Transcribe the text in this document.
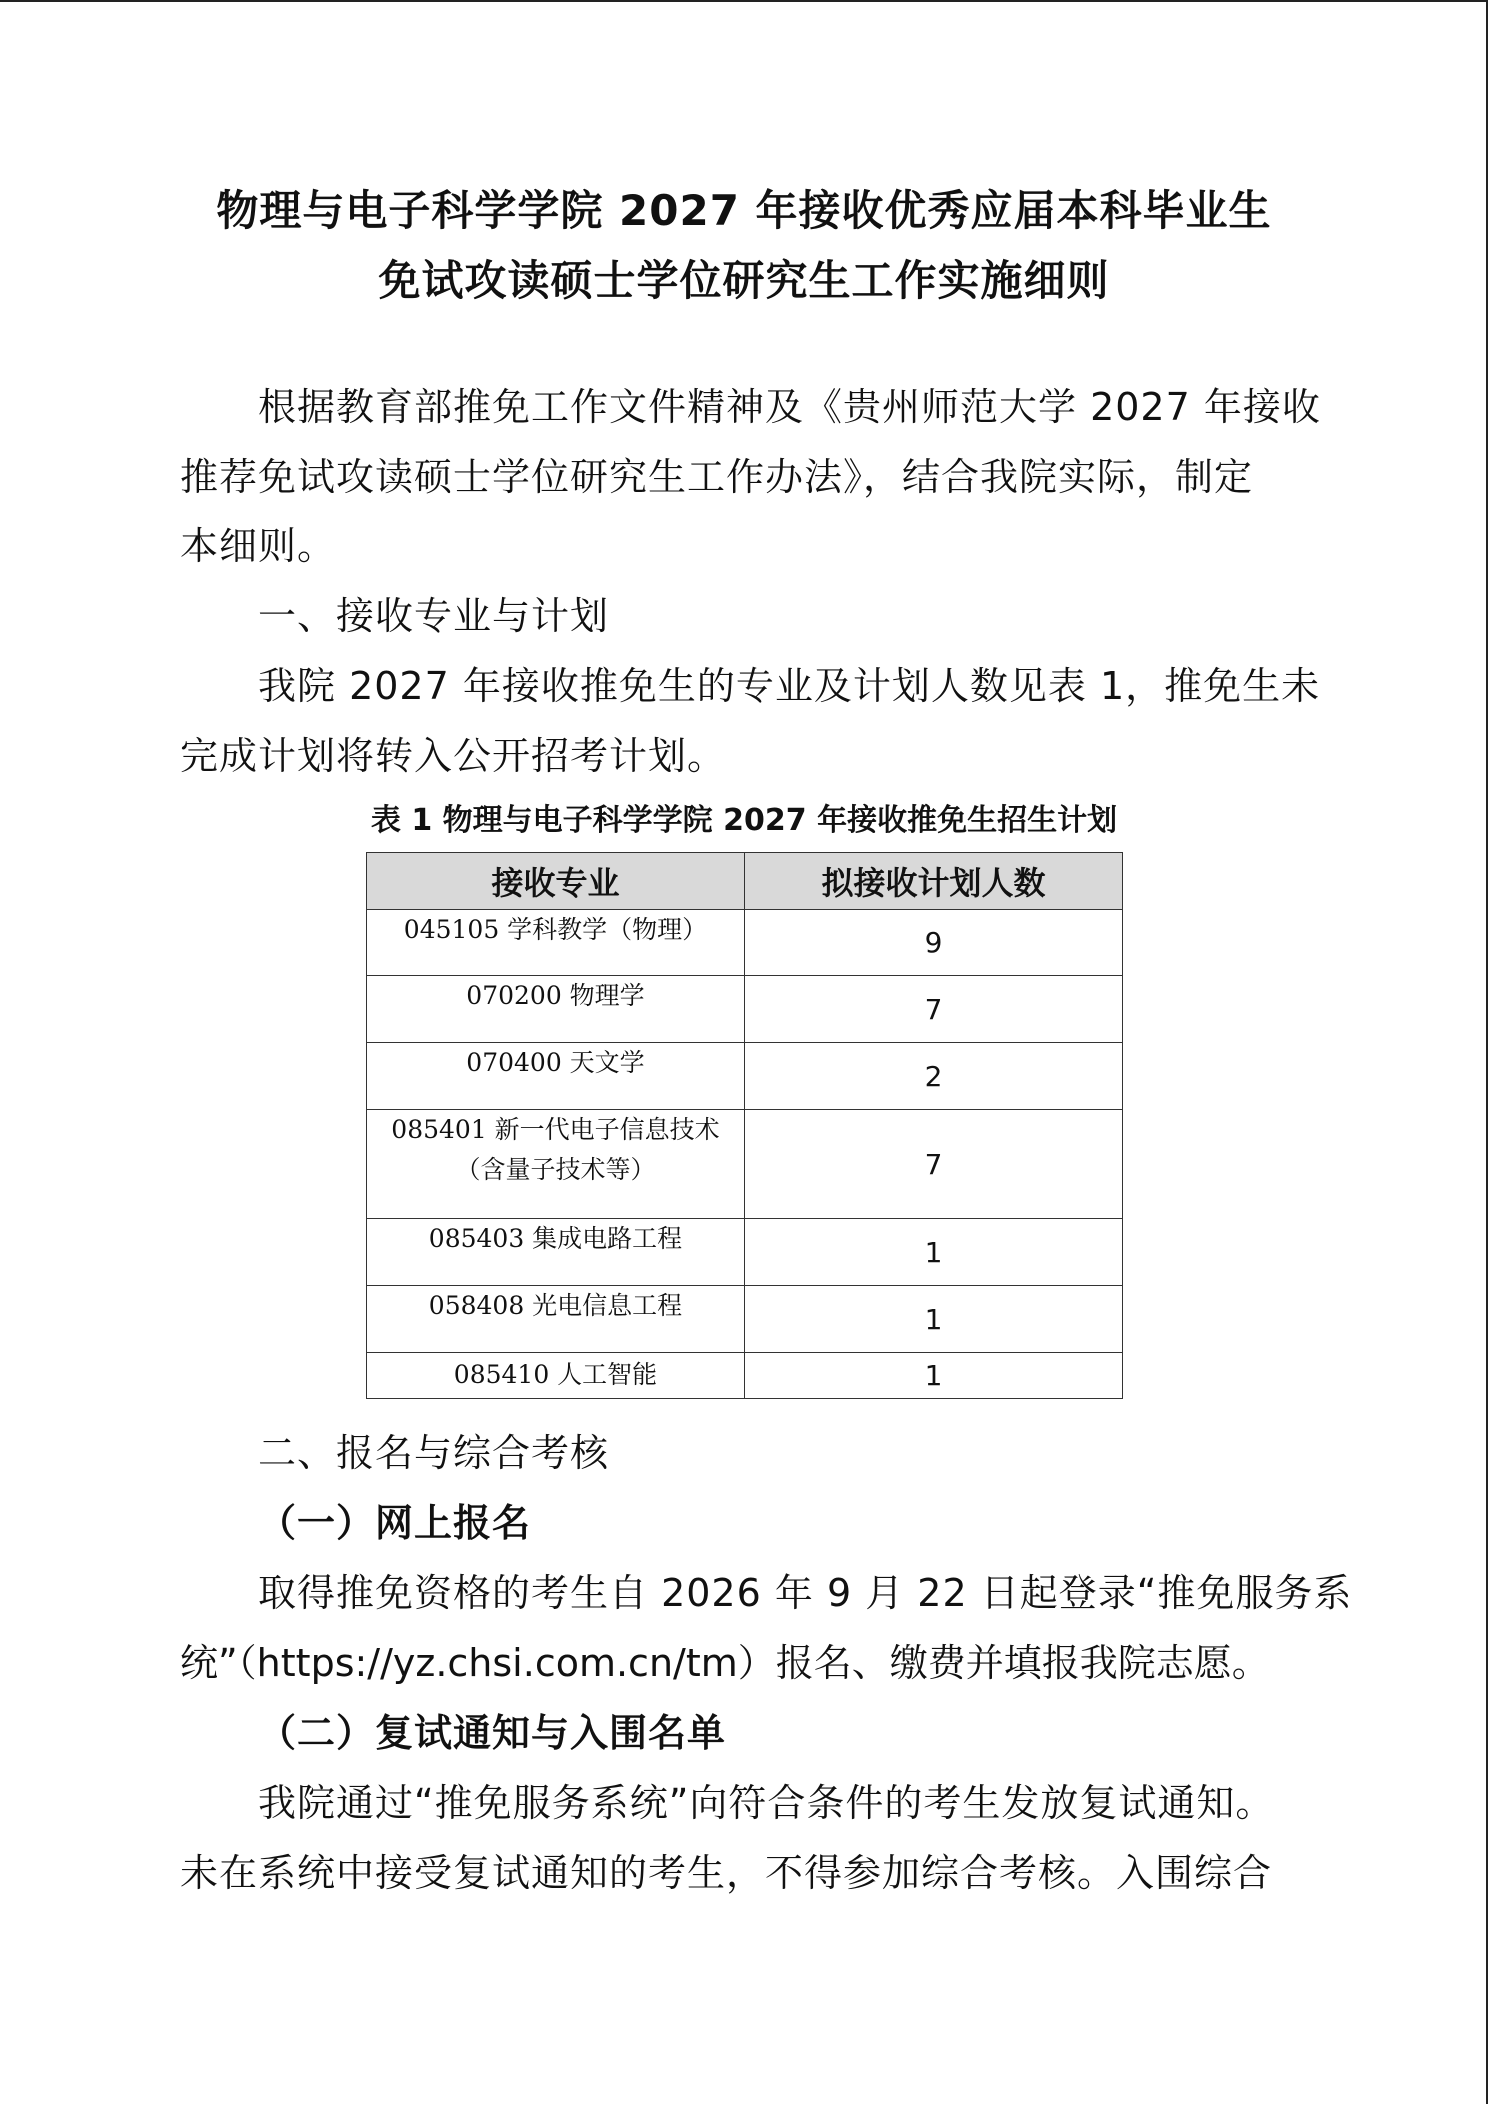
物理与电子科学学院 2027 年接收优秀应届本科毕业生
免试攻读硕士学位研究生工作实施细则
根据教育部推免工作文件精神及《贵州师范大学 2027 年接收
推荐免试攻读硕士学位研究生工作办法》，结合我院实际，制定
本细则。
一、接收专业与计划
我院 2027 年接收推免生的专业及计划人数见表 1，推免生未
完成计划将转入公开招考计划。
表 1 物理与电子科学学院 2027 年接收推免生招生计划
接收专业	拟接收计划人数
045105 学科教学（物理）	9
070200 物理学	7
070400 天文学	2

085401 新一代电子信息技术
（含量子技术等）	7
085403 集成电路工程	1
058408 光电信息工程	1
085410 人工智能	1
二、报名与综合考核
（一）网上报名
取得推免资格的考生自 2026 年 9 月 22 日起登录“推免服务系
统”（https://yz.chsi.com.cn/tm）报名、缴费并填报我院志愿。
（二）复试通知与入围名单
我院通过“推免服务系统”向符合条件的考生发放复试通知。
未在系统中接受复试通知的考生，不得参加综合考核。入围综合
